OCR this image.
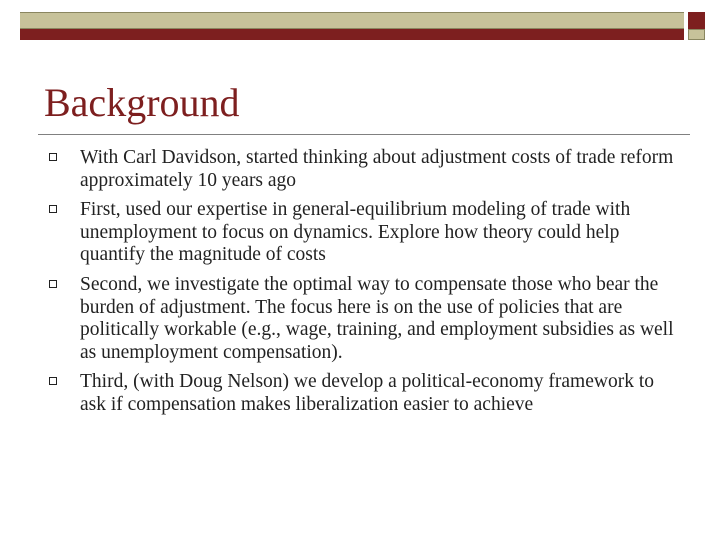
Background
With Carl Davidson, started thinking about adjustment costs of trade reform approximately 10 years ago
First, used our expertise in general-equilibrium modeling of trade with unemployment to focus on dynamics. Explore how theory could help quantify the magnitude of costs
Second, we investigate the optimal way to compensate those who bear the burden of adjustment. The focus here is on the use of policies that are politically workable (e.g., wage, training, and employment subsidies as well as unemployment compensation).
Third, (with Doug Nelson) we develop a political-economy framework to ask if compensation makes liberalization easier to achieve
